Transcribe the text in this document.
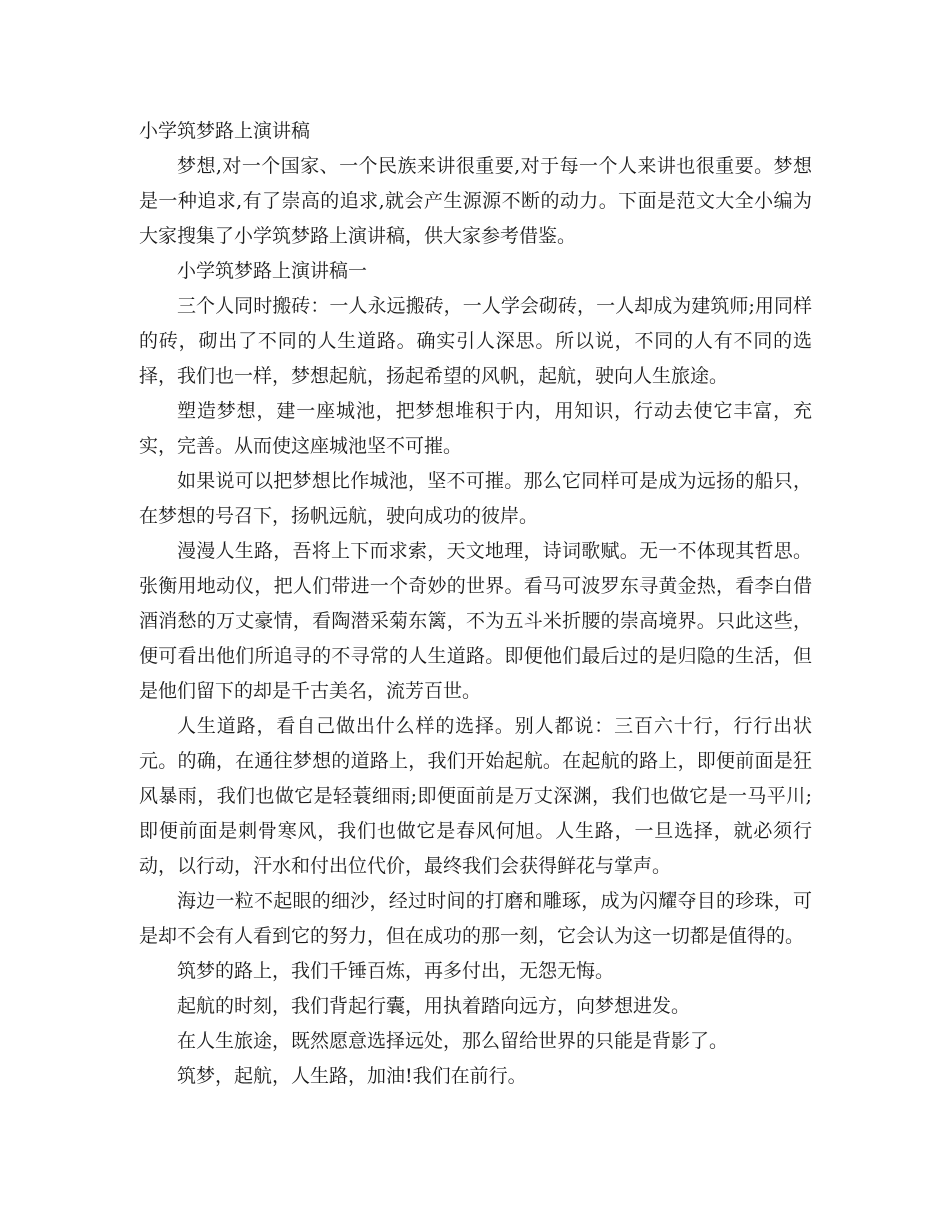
小学筑梦路上演讲稿

梦想,对一个国家、一个民族来讲很重要,对于每一个人来讲也很重要。梦想是一种追求,有了崇高的追求,就会产生源源不断的动力。下面是范文大全小编为大家搜集了小学筑梦路上演讲稿，供大家参考借鉴。

小学筑梦路上演讲稿一

三个人同时搬砖：一人永远搬砖，一人学会砌砖，一人却成为建筑师;用同样的砖，砌出了不同的人生道路。确实引人深思。所以说，不同的人有不同的选择，我们也一样，梦想起航，扬起希望的风帆，起航，驶向人生旅途。

塑造梦想，建一座城池，把梦想堆积于内，用知识，行动去使它丰富，充实，完善。从而使这座城池坚不可摧。

如果说可以把梦想比作城池，坚不可摧。那么它同样可是成为远扬的船只，在梦想的号召下，扬帆远航，驶向成功的彼岸。

漫漫人生路，吾将上下而求索，天文地理，诗词歌赋。无一不体现其哲思。张衡用地动仪，把人们带进一个奇妙的世界。看马可波罗东寻黄金热，看李白借酒消愁的万丈豪情，看陶潜采菊东篱，不为五斗米折腰的崇高境界。只此这些，便可看出他们所追寻的不寻常的人生道路。即便他们最后过的是归隐的生活，但是他们留下的却是千古美名，流芳百世。

人生道路，看自己做出什么样的选择。别人都说：三百六十行，行行出状元。的确，在通往梦想的道路上，我们开始起航。在起航的路上，即便前面是狂风暴雨，我们也做它是轻蓑细雨;即便面前是万丈深渊，我们也做它是一马平川;即便前面是刺骨寒风，我们也做它是春风何旭。人生路，一旦选择，就必须行动，以行动，汗水和付出位代价，最终我们会获得鲜花与掌声。

海边一粒不起眼的细沙，经过时间的打磨和雕琢，成为闪耀夺目的珍珠，可是却不会有人看到它的努力，但在成功的那一刻，它会认为这一切都是值得的。

筑梦的路上，我们千锤百炼，再多付出，无怨无悔。

起航的时刻，我们背起行囊，用执着踏向远方，向梦想进发。

在人生旅途，既然愿意选择远处，那么留给世界的只能是背影了。

筑梦，起航，人生路，加油!我们在前行。
